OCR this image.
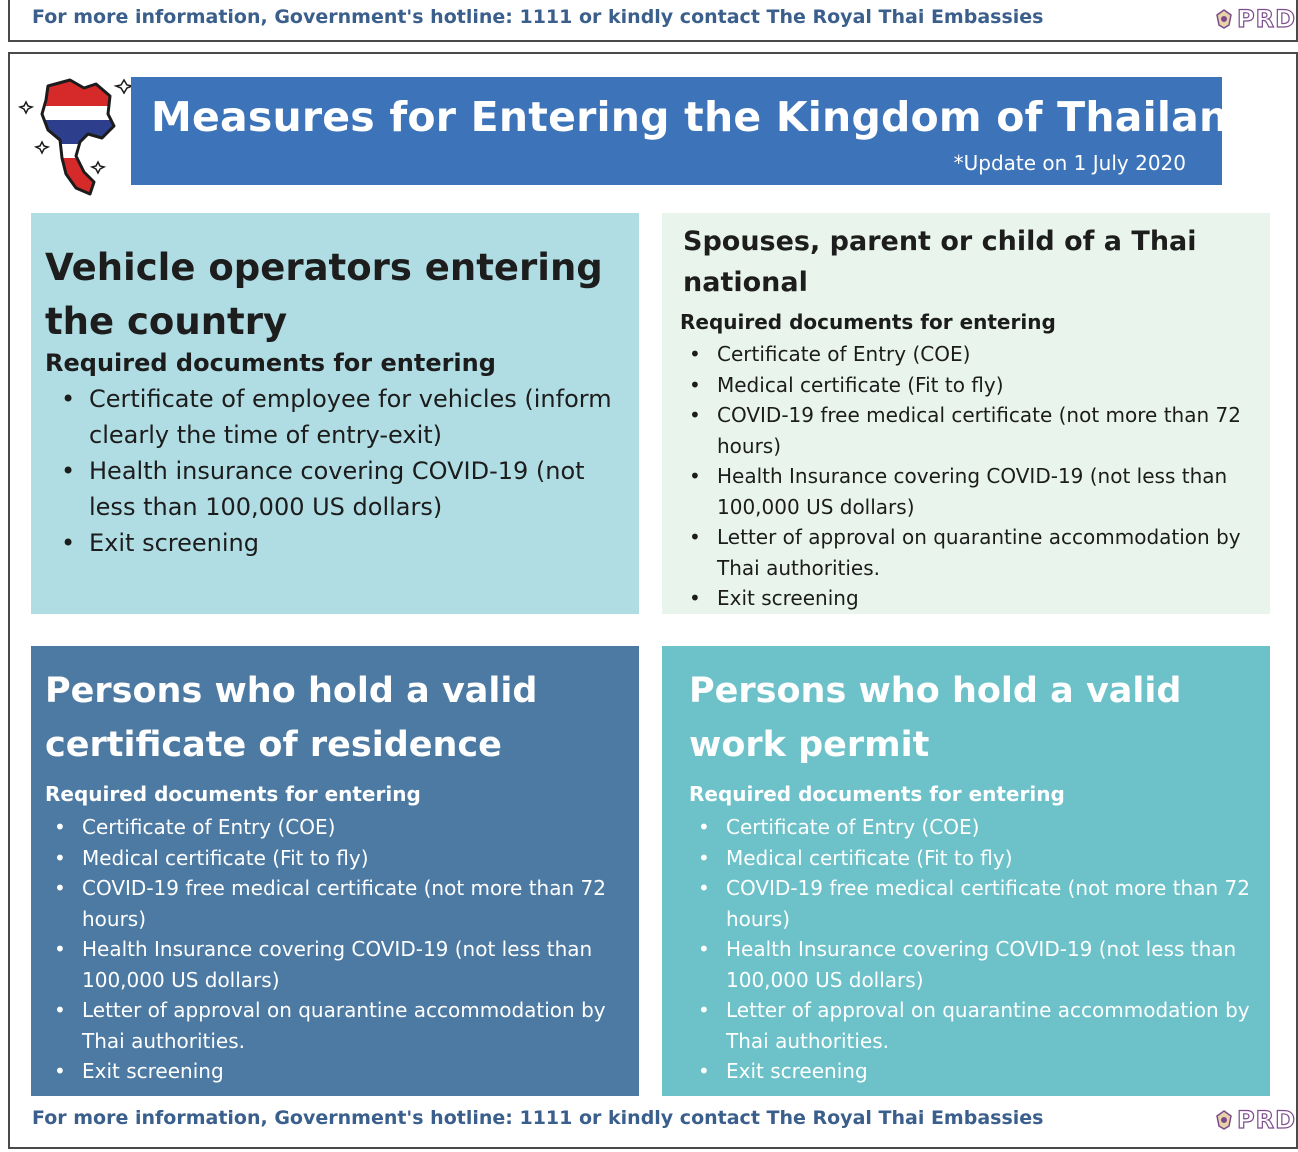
For more information, Government's hotline: 1111 or kindly contact The Royal Thai Embassies	PRD
Measures for Entering the Kingdom of Thailand
*Update on 1 July 2020
Vehicle operators entering the country
Required documents for entering
• Certificate of employee for vehicles (inform clearly the time of entry-exit)
• Health insurance covering COVID-19 (not less than 100,000 US dollars)
• Exit screening
Spouses, parent or child of a Thai national
Required documents for entering
• Certificate of Entry (COE)
• Medical certificate (Fit to fly)
• COVID-19 free medical certificate (not more than 72 hours)
• Health Insurance covering COVID-19 (not less than 100,000 US dollars)
• Letter of approval on quarantine accommodation by Thai authorities.
• Exit screening
Persons who hold a valid certificate of residence
Required documents for entering
• Certificate of Entry (COE)
• Medical certificate (Fit to fly)
• COVID-19 free medical certificate (not more than 72 hours)
• Health Insurance covering COVID-19 (not less than 100,000 US dollars)
• Letter of approval on quarantine accommodation by Thai authorities.
• Exit screening
Persons who hold a valid work permit
Required documents for entering
• Certificate of Entry (COE)
• Medical certificate (Fit to fly)
• COVID-19 free medical certificate (not more than 72 hours)
• Health Insurance covering COVID-19 (not less than 100,000 US dollars)
• Letter of approval on quarantine accommodation by Thai authorities.
• Exit screening
For more information, Government's hotline: 1111 or kindly contact The Royal Thai Embassies	PRD
